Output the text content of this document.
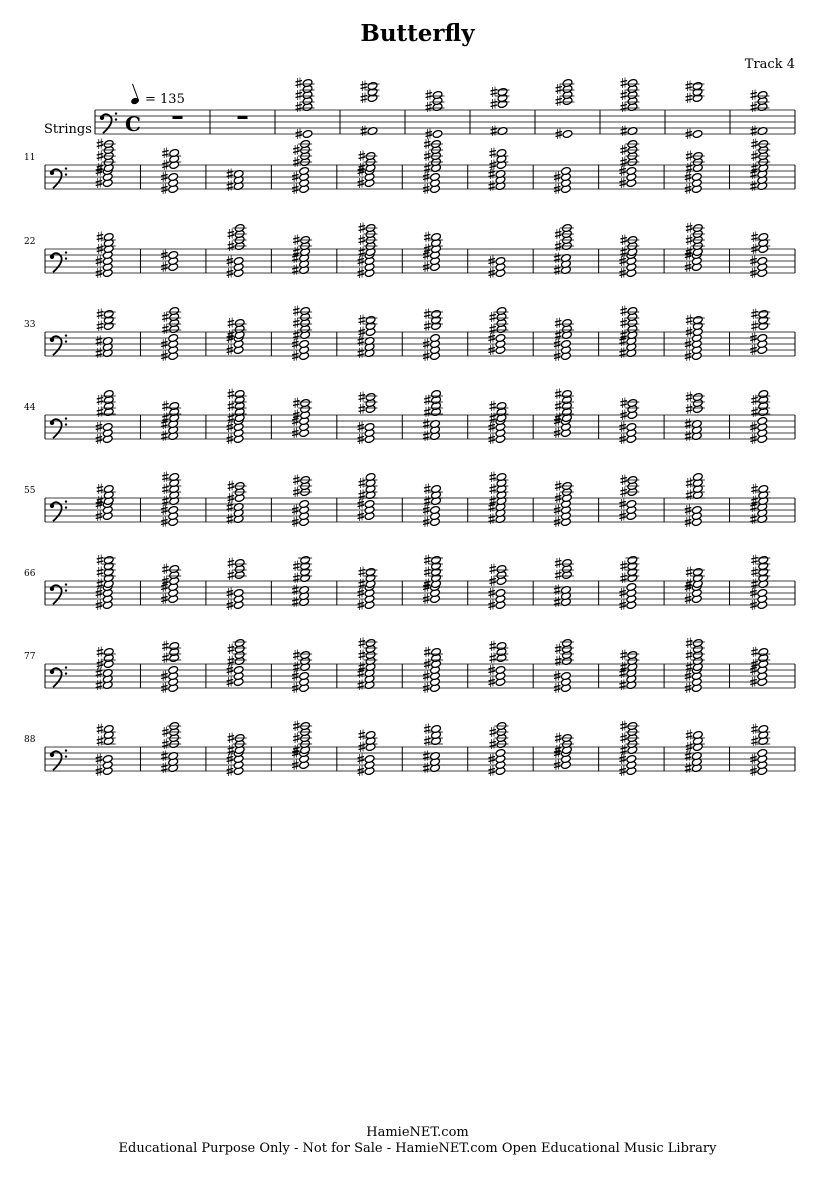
Butterfly
Track 4
= 135
Strings C
11
22
33
44
55
66
77
88
HamieNET.com
Educational Purpose Only - Not for Sale - HamieNET.com Open Educational Music Library
